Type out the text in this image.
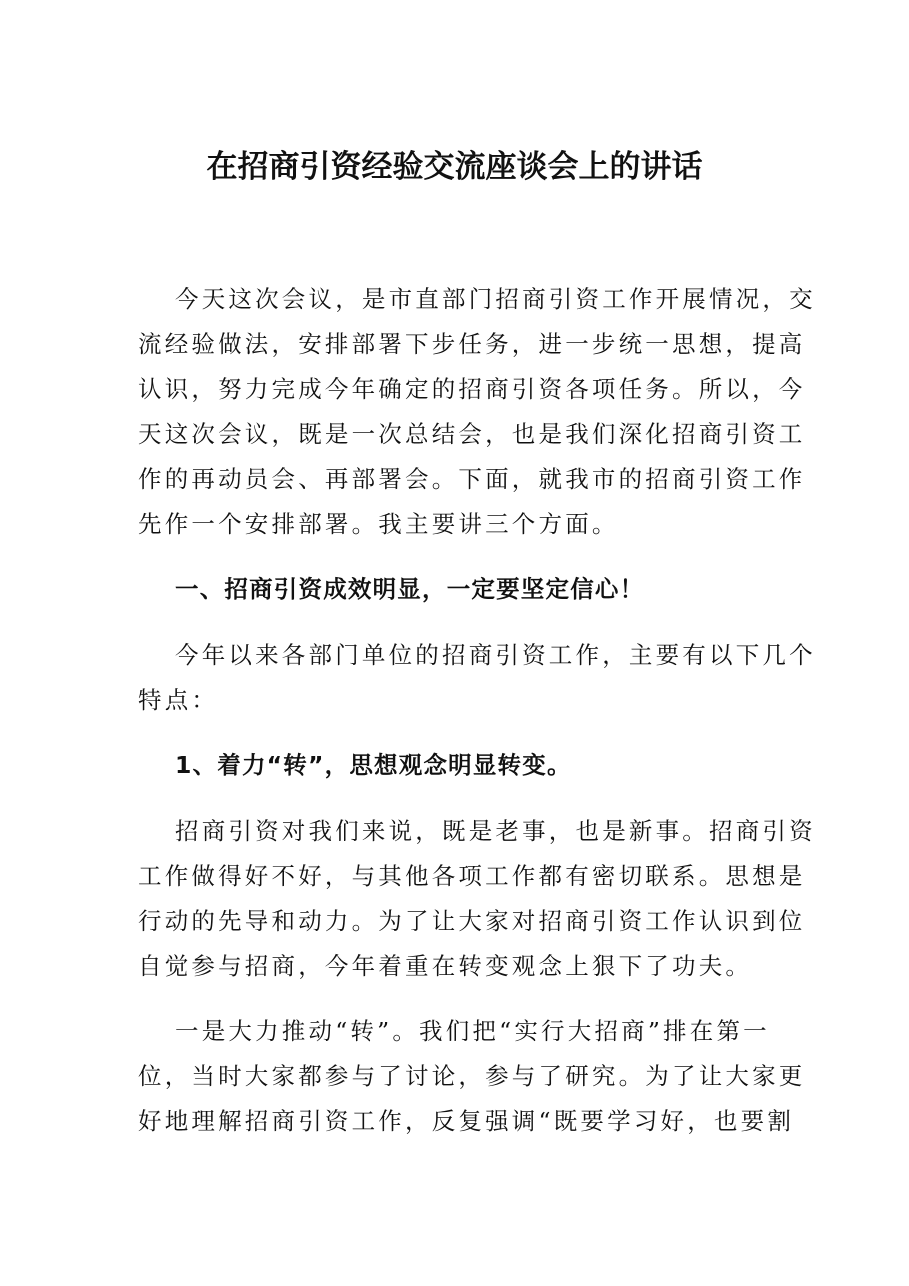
在招商引资经验交流座谈会上的讲话
今天这次会议，是市直部门招商引资工作开展情况，交
流经验做法，安排部署下步任务，进一步统一思想，提高
认识，努力完成今年确定的招商引资各项任务。所以，今
天这次会议，既是一次总结会，也是我们深化招商引资工
作的再动员会、再部署会。下面，就我市的招商引资工作
先作一个安排部署。我主要讲三个方面。
一、招商引资成效明显，一定要坚定信心！
今年以来各部门单位的招商引资工作，主要有以下几个
特点：
1、着力“转”，思想观念明显转变。
招商引资对我们来说，既是老事，也是新事。招商引资
工作做得好不好，与其他各项工作都有密切联系。思想是
行动的先导和动力。为了让大家对招商引资工作认识到位
自觉参与招商，今年着重在转变观念上狠下了功夫。
一是大力推动“转”。我们把“实行大招商”排在第一
位，当时大家都参与了讨论，参与了研究。为了让大家更
好地理解招商引资工作，反复强调“既要学习好，也要割
